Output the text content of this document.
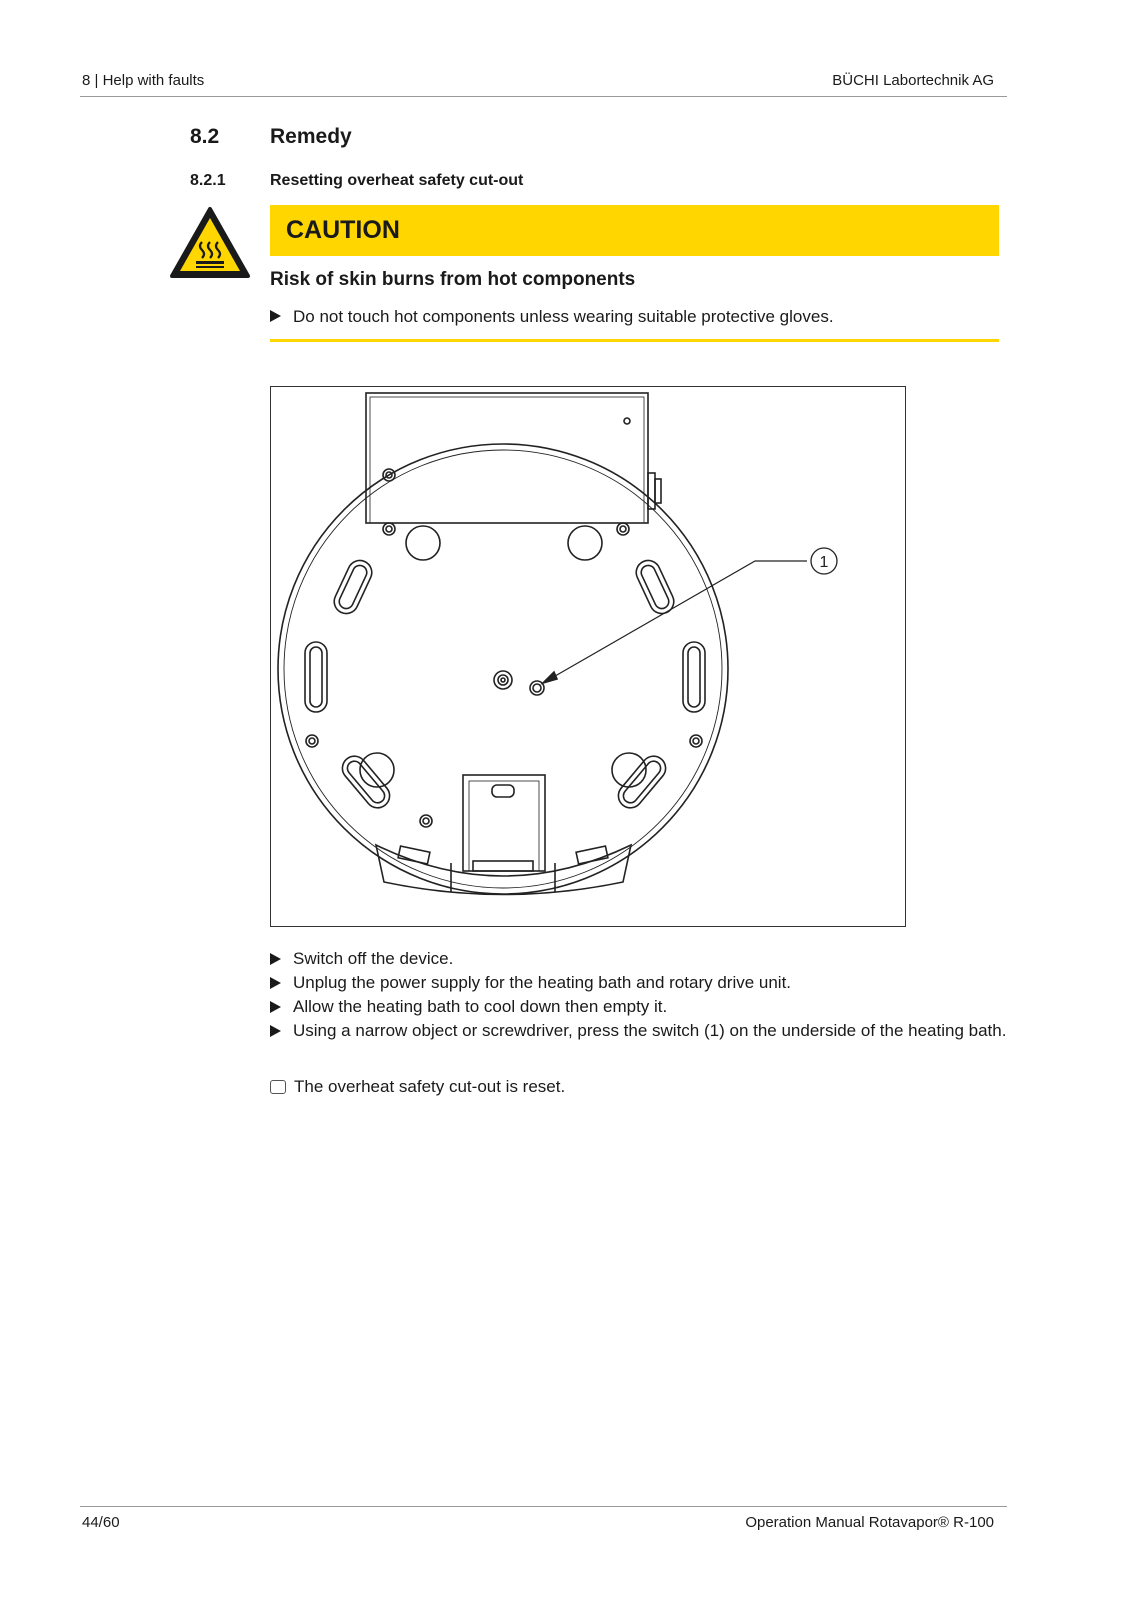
8 | Help with faults	BÜCHI Labortechnik AG
8.2 Remedy
8.2.1	Resetting overheat safety cut-out
CAUTION
Risk of skin burns from hot components
Do not touch hot components unless wearing suitable protective gloves.
1
Switch off the device.
Unplug the power supply for the heating bath and rotary drive unit.
Allow the heating bath to cool down then empty it.
Using a narrow object or screwdriver, press the switch (1) on the underside of the heating bath.
The overheat safety cut-out is reset.
44/60	Operation Manual Rotavapor® R-100
